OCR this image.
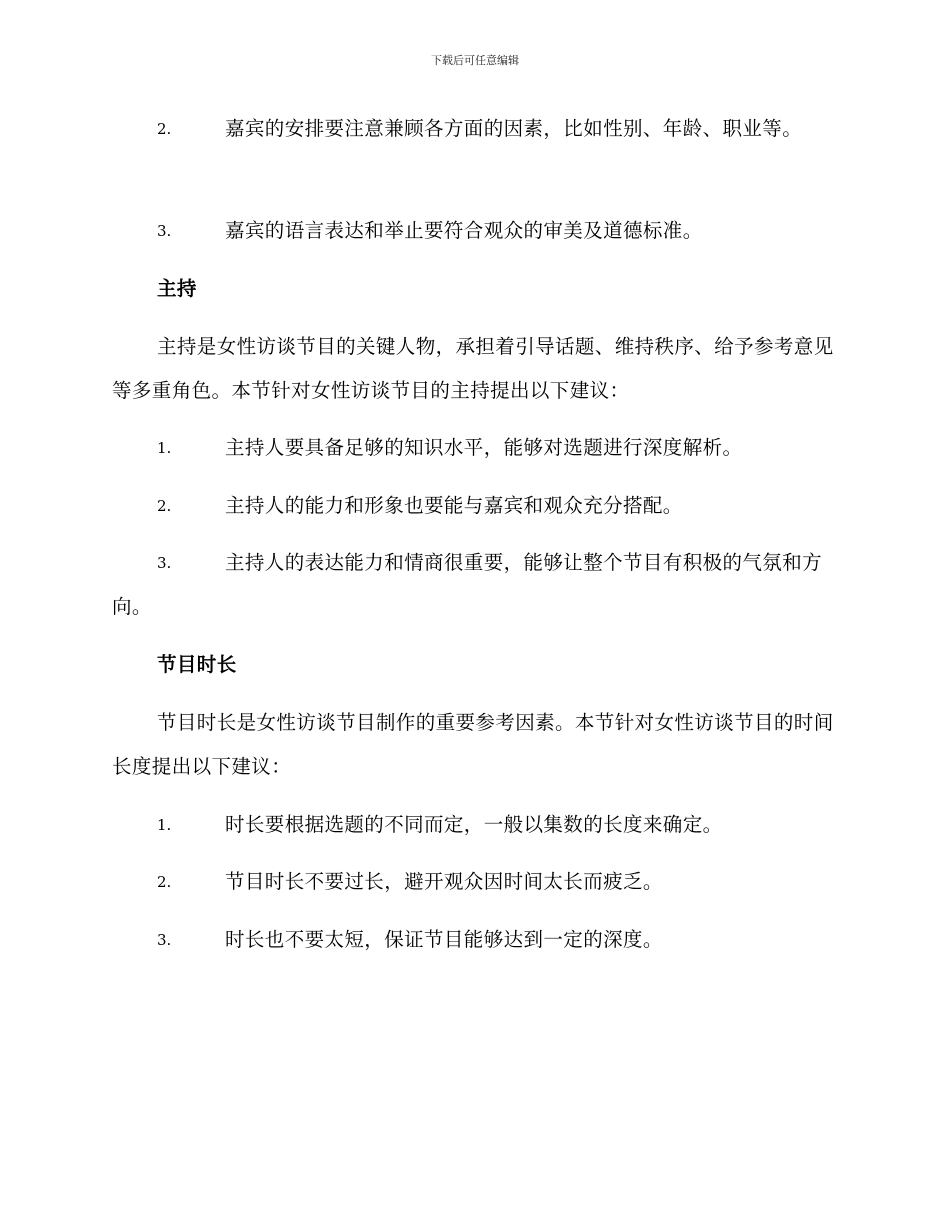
下载后可任意编辑
2.	嘉宾的安排要注意兼顾各方面的因素，比如性别、年龄、职业等。
3.	嘉宾的语言表达和举止要符合观众的审美及道德标准。
主持
主持是女性访谈节目的关键人物，承担着引导话题、维持秩序、给予参考意见等多重角色。本节针对女性访谈节目的主持提出以下建议：
1.	主持人要具备足够的知识水平，能够对选题进行深度解析。
2.	主持人的能力和形象也要能与嘉宾和观众充分搭配。
3.	主持人的表达能力和情商很重要，能够让整个节目有积极的气氛和方向。
节目时长
节目时长是女性访谈节目制作的重要参考因素。本节针对女性访谈节目的时间长度提出以下建议：
1.	时长要根据选题的不同而定，一般以集数的长度来确定。
2.	节目时长不要过长，避开观众因时间太长而疲乏。
3.	时长也不要太短，保证节目能够达到一定的深度。
